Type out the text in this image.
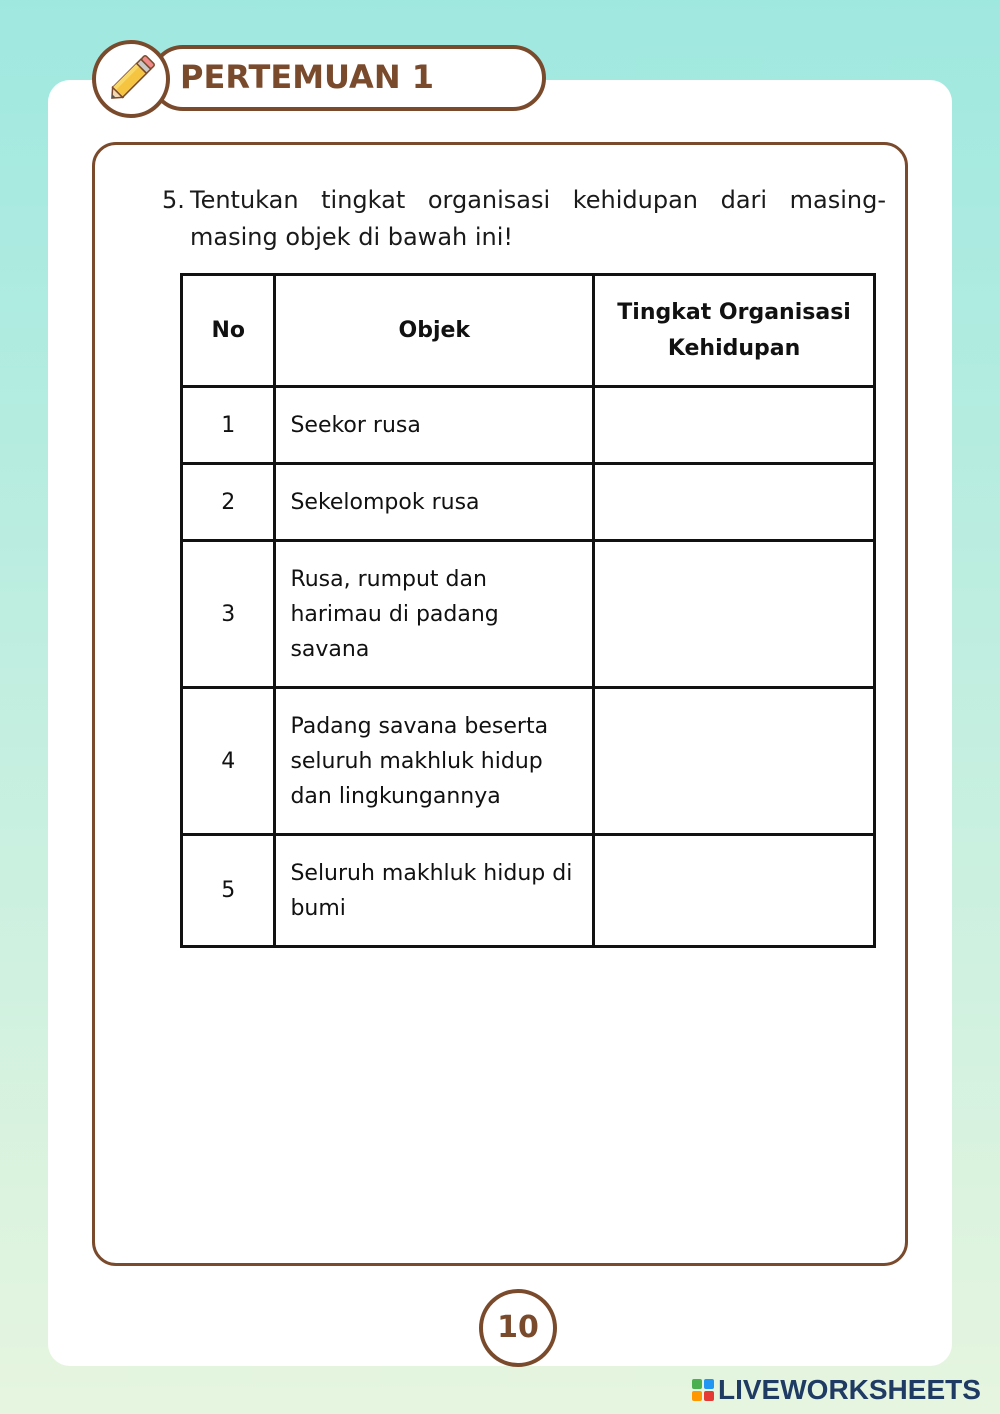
PERTEMUAN 1
5. Tentukan tingkat organisasi kehidupan dari masing-masing objek di bawah ini!
No	Objek	Tingkat Organisasi Kehidupan
1	Seekor rusa	
2	Sekelompok rusa	
3	Rusa, rumput dan harimau di padang savana	
4	Padang savana beserta seluruh makhluk hidup dan lingkungannya	
5	Seluruh makhluk hidup di bumi	
10
LIVEWORKSHEETS
